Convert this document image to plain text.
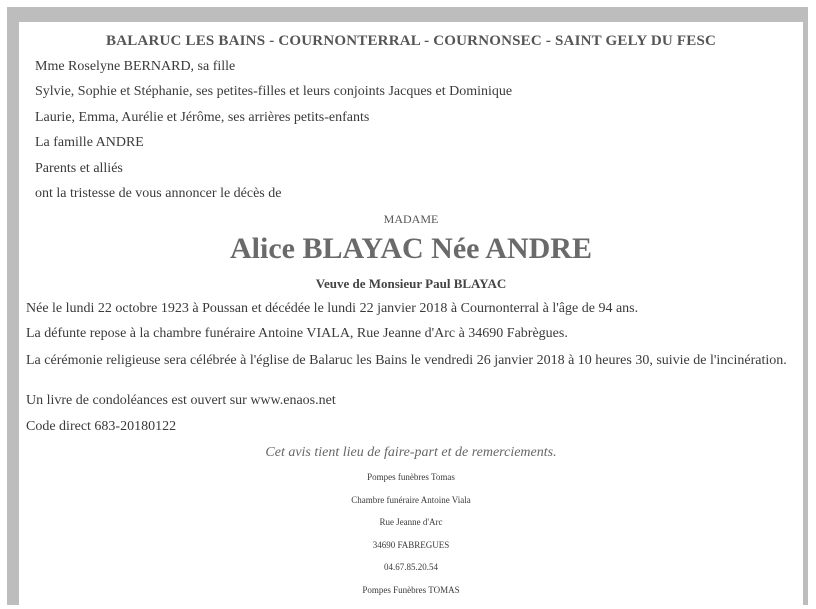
BALARUC LES BAINS - COURNONTERRAL - COURNONSEC - SAINT GELY DU FESC
Mme Roselyne BERNARD, sa fille
Sylvie, Sophie et Stéphanie, ses petites-filles et leurs conjoints Jacques et Dominique
Laurie, Emma, Aurélie et Jérôme, ses arrières petits-enfants
La famille ANDRE
Parents et alliés
ont la tristesse de vous annoncer le décès de
MADAME
Alice BLAYAC Née ANDRE
Veuve de Monsieur Paul BLAYAC
Née le lundi 22 octobre 1923 à Poussan et décédée le lundi 22 janvier 2018 à Cournonterral à l'âge de 94 ans.
La défunte repose à la chambre funéraire Antoine VIALA, Rue Jeanne d'Arc à 34690 Fabrègues.
La cérémonie religieuse sera célébrée à l'église de Balaruc les Bains le vendredi 26 janvier 2018 à 10 heures 30, suivie de l'incinération.
Un livre de condoléances est ouvert sur www.enaos.net
Code direct 683-20180122
Cet avis tient lieu de faire-part et de remerciements.
Pompes funèbres Tomas
Chambre funéraire Antoine Viala
Rue Jeanne d'Arc
34690 FABREGUES
04.67.85.20.54
Pompes Funèbres TOMAS
